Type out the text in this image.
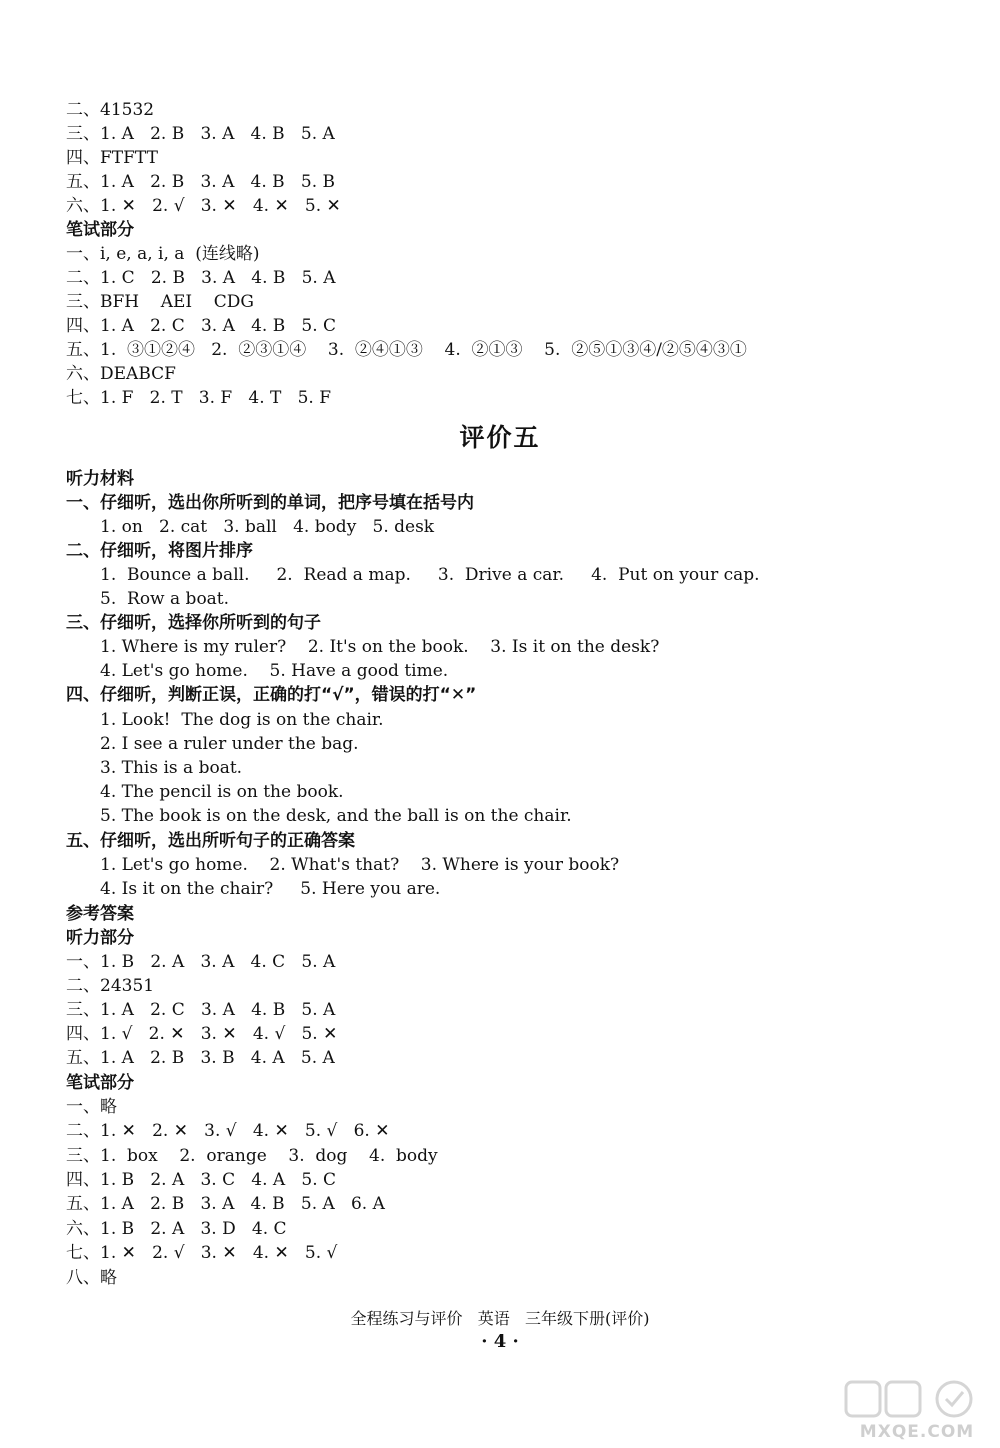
二、41532
三、1. A   2. B   3. A   4. B   5. A
四、FTFTT
五、1. A   2. B   3. A   4. B   5. B
六、1. ✕   2. √   3. ✕   4. ✕   5. ✕
笔试部分
一、i, e, a, i, a  (连线略)
二、1. C   2. B   3. A   4. B   5. A
三、BFH    AEI    CDG
四、1. A   2. C   3. A   4. B   5. C
五、1.  ③①②④   2.  ②③①④    3.  ②④①③    4.  ②①③    5.  ②⑤①③④/②⑤④③①
六、DEABCF
七、1. F   2. T   3. F   4. T   5. F
评价五
听力材料
一、仔细听，选出你所听到的单词，把序号填在括号内
1. on   2. cat   3. ball   4. body   5. desk
二、仔细听，将图片排序
1.  Bounce a ball.     2.  Read a map.     3.  Drive a car.     4.  Put on your cap.
5.  Row a boat.
三、仔细听，选择你所听到的句子
1. Where is my ruler?    2. It's on the book.    3. Is it on the desk?
4. Let's go home.    5. Have a good time.
四、仔细听，判断正误，正确的打“√”，错误的打“✕”
1. Look!  The dog is on the chair.
2. I see a ruler under the bag.
3. This is a boat.
4. The pencil is on the book.
5. The book is on the desk, and the ball is on the chair.
五、仔细听，选出所听句子的正确答案
1. Let's go home.    2. What's that?    3. Where is your book?
4. Is it on the chair?     5. Here you are.
参考答案
听力部分
一、1. B   2. A   3. A   4. C   5. A
二、24351
三、1. A   2. C   3. A   4. B   5. A
四、1. √   2. ✕   3. ✕   4. √   5. ✕
五、1. A   2. B   3. B   4. A   5. A
笔试部分
一、略
二、1. ✕   2. ✕   3. √   4. ✕   5. √   6. ✕
三、1.  box    2.  orange    3.  dog    4.  body
四、1. B   2. A   3. C   4. A   5. C
五、1. A   2. B   3. A   4. B   5. A   6. A
六、1. B   2. A   3. D   4. C
七、1. ✕   2. √   3. ✕   4. ✕   5. √
八、略
全程练习与评价   英语   三年级下册(评价)
· 4 ·
MXQE.COM
